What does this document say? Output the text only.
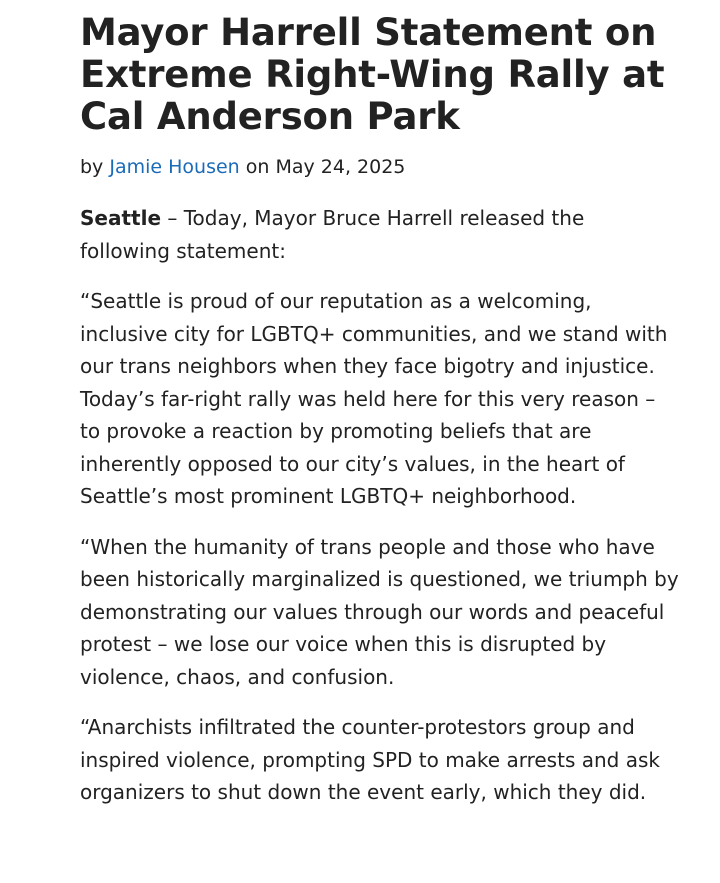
Mayor Harrell Statement on Extreme Right-Wing Rally at Cal Anderson Park

by Jamie Housen on May 24, 2025

Seattle – Today, Mayor Bruce Harrell released the following statement:

“Seattle is proud of our reputation as a welcoming, inclusive city for LGBTQ+ communities, and we stand with our trans neighbors when they face bigotry and injustice. Today’s far-right rally was held here for this very reason – to provoke a reaction by promoting beliefs that are inherently opposed to our city’s values, in the heart of Seattle’s most prominent LGBTQ+ neighborhood.

“When the humanity of trans people and those who have been historically marginalized is questioned, we triumph by demonstrating our values through our words and peaceful protest – we lose our voice when this is disrupted by violence, chaos, and confusion.

“Anarchists infiltrated the counter-protestors group and inspired violence, prompting SPD to make arrests and ask organizers to shut down the event early, which they did.
